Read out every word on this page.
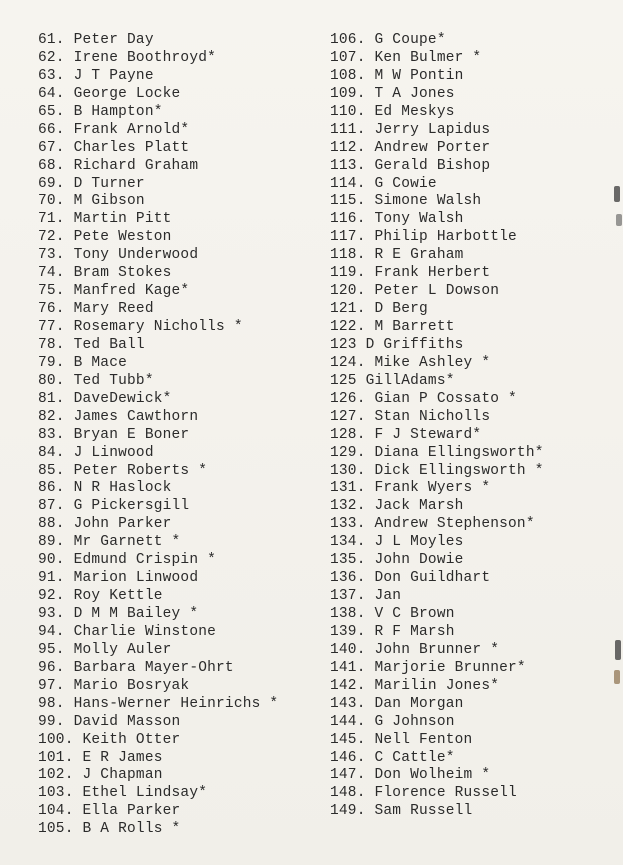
61. Peter Day
62. Irene Boothroyd*
63. J T Payne
64. George Locke
65. B Hampton*
66. Frank Arnold*
67. Charles Platt
68. Richard Graham
69. D Turner
70. M Gibson
71. Martin Pitt
72. Pete Weston
73. Tony Underwood
74. Bram Stokes
75. Manfred Kage*
76. Mary Reed
77. Rosemary Nicholls *
78. Ted Ball
79. B Mace
80. Ted Tubb*
81. DaveDewick*
82. James Cawthorn
83. Bryan E Boner
84. J Linwood
85. Peter Roberts *
86. N R Haslock
87. G Pickersgill
88. John Parker
89. Mr Garnett *
90. Edmund Crispin *
91. Marion Linwood
92. Roy Kettle
93. D M M Bailey *
94. Charlie Winstone
95. Molly Auler
96. Barbara Mayer-Ohrt
97. Mario Bosryak
98. Hans-Werner Heinrichs *
99. David Masson
100. Keith Otter
101. E R James
102. J Chapman
103. Ethel Lindsay*
104. Ella Parker
105. B A Rolls *
106. G Coupe*
107. Ken Bulmer *
108. M W Pontin
109. T A Jones
110. Ed Meskys
111. Jerry Lapidus
112. Andrew Porter
113. Gerald Bishop
114. G Cowie
115. Simone Walsh
116. Tony Walsh
117. Philip Harbottle
118. R E Graham
119. Frank Herbert
120. Peter L Dowson
121. D Berg
122. M Barrett
123 D Griffiths
124. Mike Ashley *
125 GillAdams*
126. Gian P Cossato *
127. Stan Nicholls
128. F J Steward*
129. Diana Ellingsworth*
130. Dick Ellingsworth *
131. Frank Wyers *
132. Jack Marsh
133. Andrew Stephenson*
134. J L Moyles
135. John Dowie
136. Don Guildhart
137. Jan
138. V C Brown
139. R F Marsh
140. John Brunner *
141. Marjorie Brunner*
142. Marilin Jones*
143. Dan Morgan
144. G Johnson
145. Nell Fenton
146. C Cattle*
147. Don Wolheim *
148. Florence Russell
149. Sam Russell
